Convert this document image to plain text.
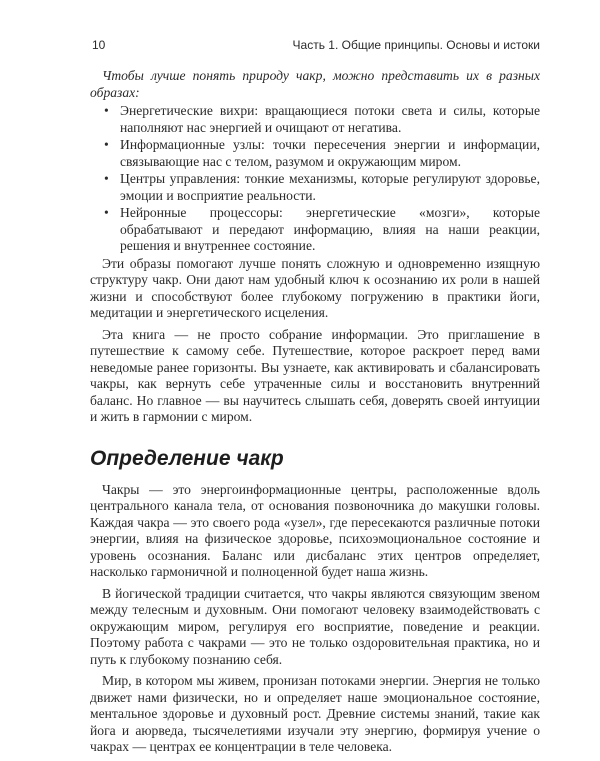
10	Часть 1. Общие принципы. Основы и истоки

Чтобы лучше понять природу чакр, можно представить их в разных образах:

• Энергетические вихри: вращающиеся потоки света и силы, которые наполняют нас энергией и очищают от негатива.
• Информационные узлы: точки пересечения энергии и информации, связывающие нас с телом, разумом и окружающим миром.
• Центры управления: тонкие механизмы, которые регулируют здоровье, эмоции и восприятие реальности.
• Нейронные процессоры: энергетические «мозги», которые обрабатывают и передают информацию, влияя на наши реакции, решения и внутреннее состояние.

Эти образы помогают лучше понять сложную и одновременно изящную структуру чакр. Они дают нам удобный ключ к осознанию их роли в нашей жизни и способствуют более глубокому погружению в практики йоги, медитации и энергетического исцеления.

Эта книга — не просто собрание информации. Это приглашение в путешествие к самому себе. Путешествие, которое раскроет перед вами неведомые ранее горизонты. Вы узнаете, как активировать и сбалансировать чакры, как вернуть себе утраченные силы и восстановить внутренний баланс. Но главное — вы научитесь слышать себя, доверять своей интуиции и жить в гармонии с миром.

Определение чакр

Чакры — это энергоинформационные центры, расположенные вдоль центрального канала тела, от основания позвоночника до макушки головы. Каждая чакра — это своего рода «узел», где пересекаются различные потоки энергии, влияя на физическое здоровье, психоэмоциональное состояние и уровень осознания. Баланс или дисбаланс этих центров определяет, насколько гармоничной и полноценной будет наша жизнь.

В йогической традиции считается, что чакры являются связующим звеном между телесным и духовным. Они помогают человеку взаимодействовать с окружающим миром, регулируя его восприятие, поведение и реакции. Поэтому работа с чакрами — это не только оздоровительная практика, но и путь к глубокому познанию себя.

Мир, в котором мы живем, пронизан потоками энергии. Энергия не только движет нами физически, но и определяет наше эмоциональное состояние, ментальное здоровье и духовный рост. Древние системы знаний, такие как йога и аюрведа, тысячелетиями изучали эту энергию, формируя учение о чакрах — центрах ее концентрации в теле человека.
